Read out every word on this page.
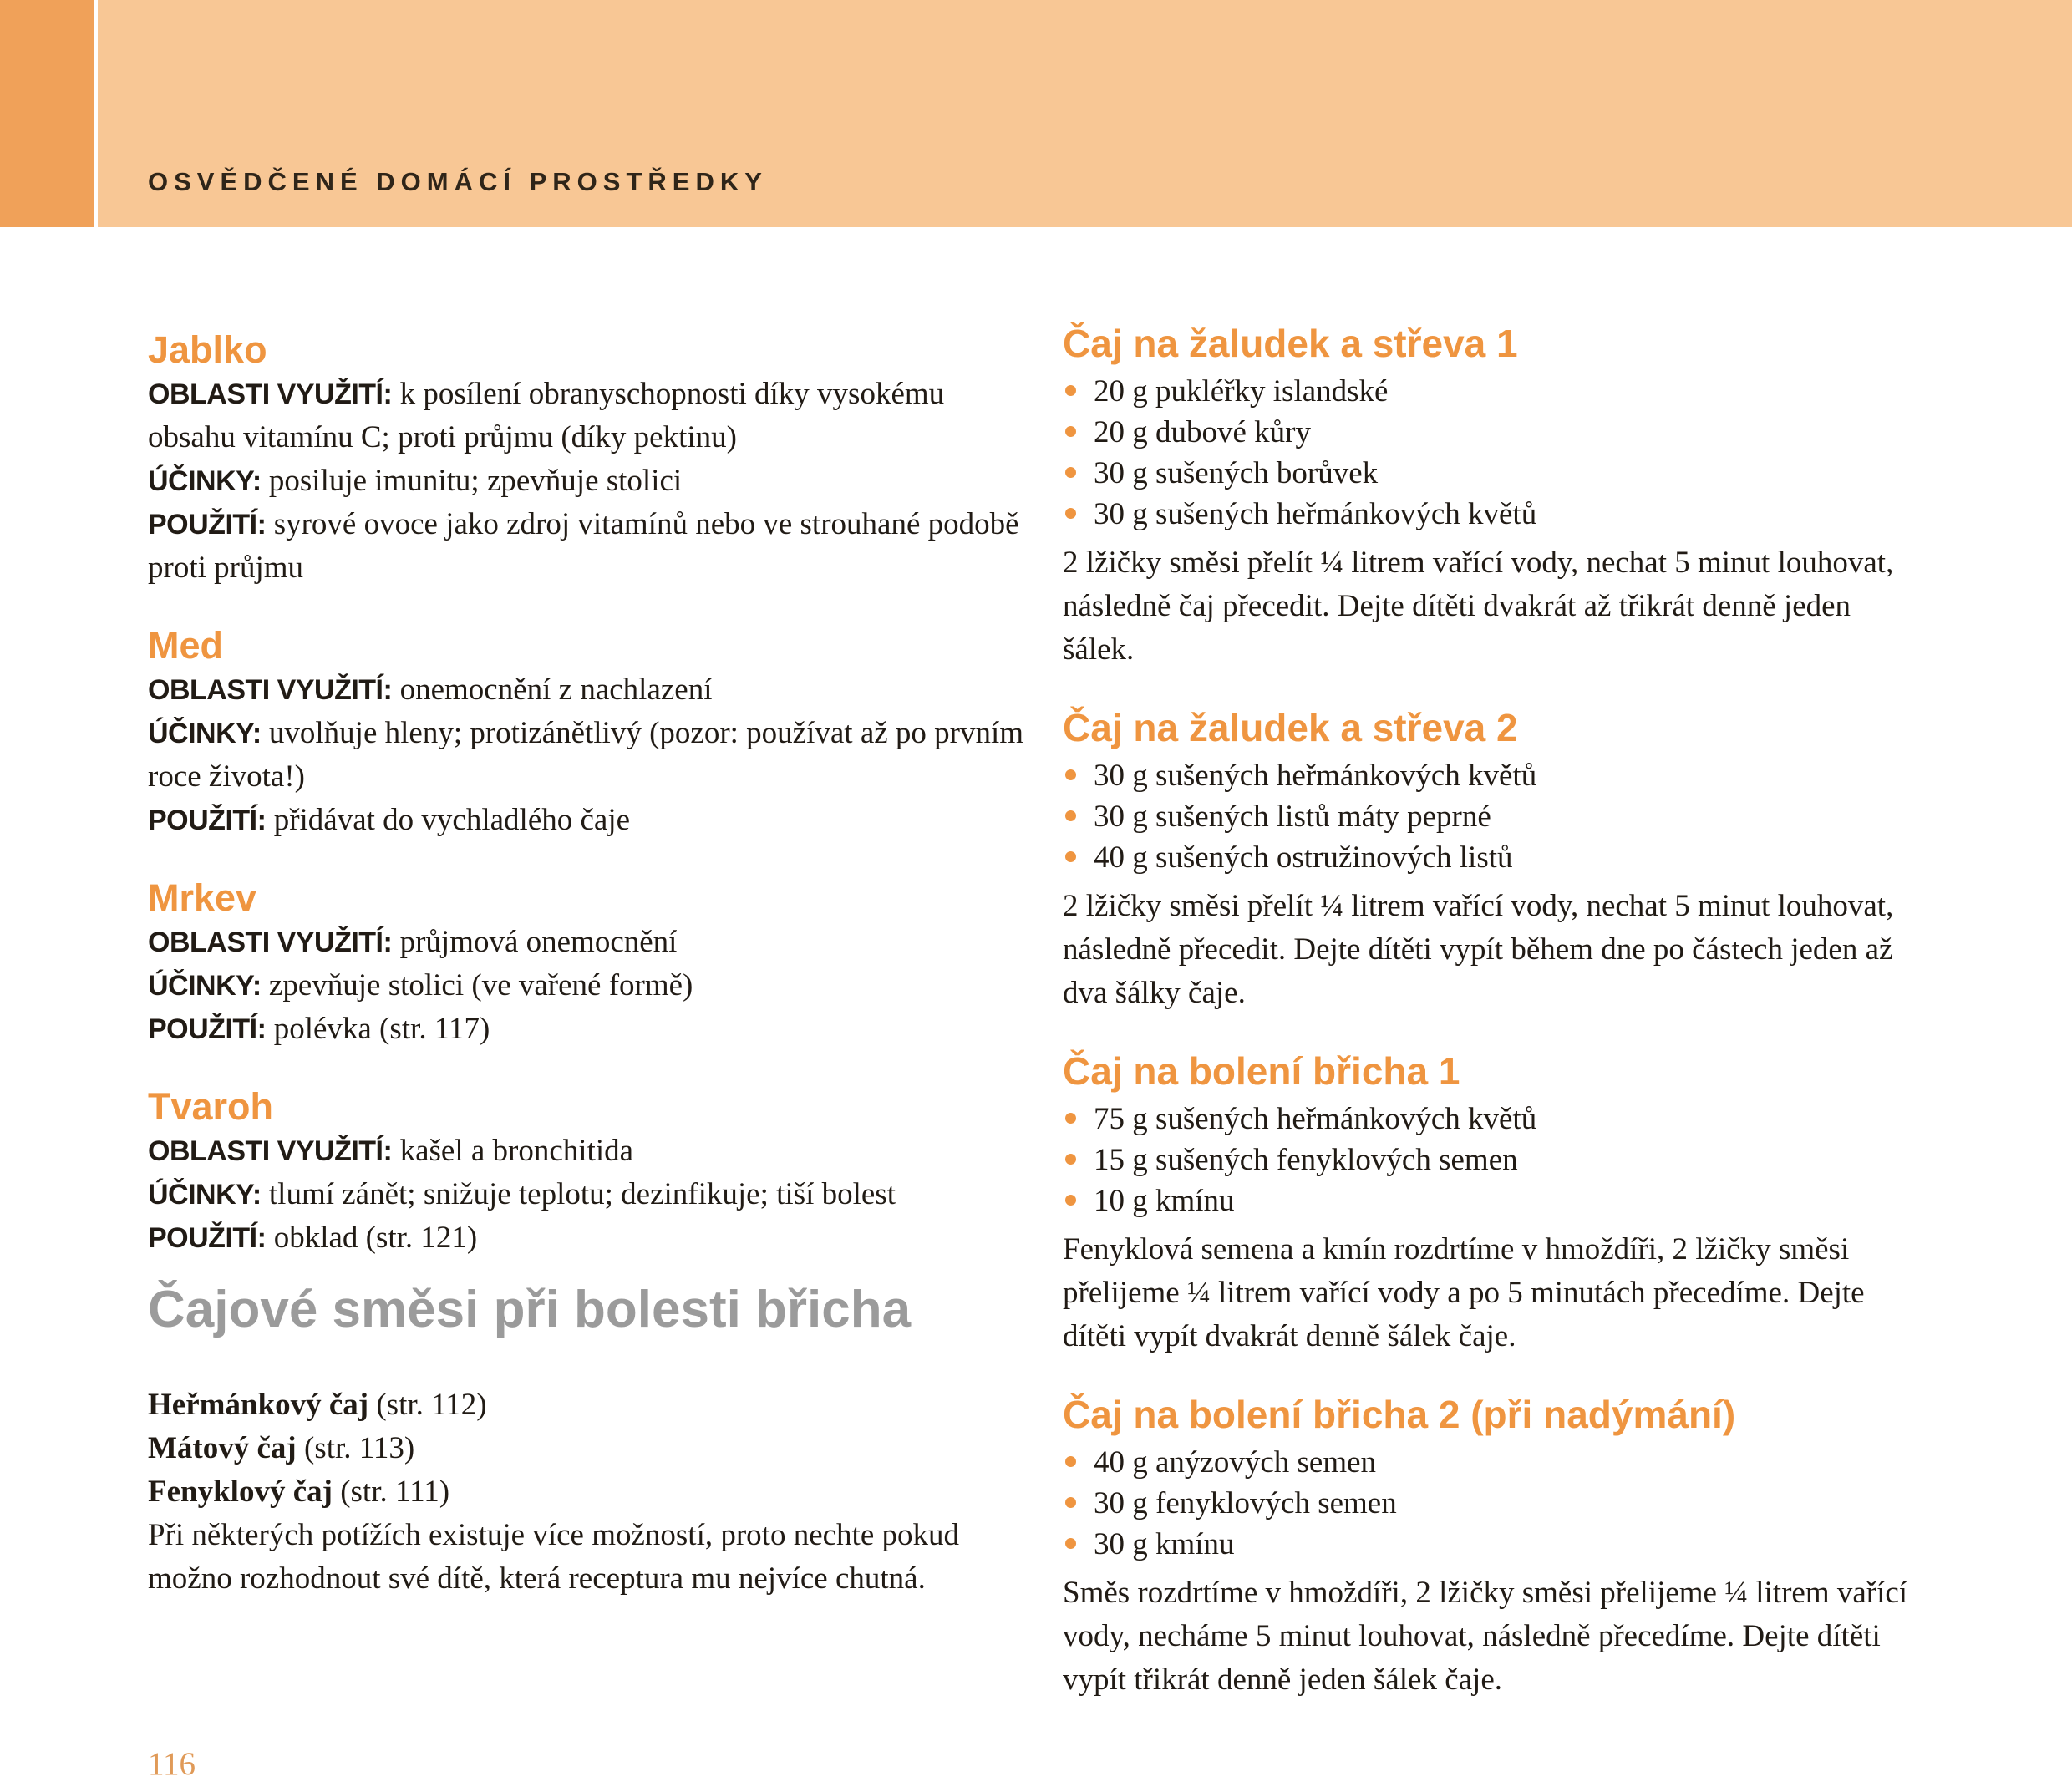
OSVĚDČENÉ DOMÁCÍ PROSTŘEDKY
Jablko

OBLASTI VYUŽITÍ: k posílení obranyschopnosti díky vysokému obsahu vitamínu C; proti průjmu (díky pektinu)

ÚČINKY: posiluje imunitu; zpevňuje stolici

POUŽITÍ: syrové ovoce jako zdroj vitamínů nebo ve strouhané podobě proti průjmu

Med

OBLASTI VYUŽITÍ: onemocnění z nachlazení

ÚČINKY: uvolňuje hleny; protizánětlivý (pozor: používat až po prvním roce života!)

POUŽITÍ: přidávat do vychladlého čaje

Mrkev

OBLASTI VYUŽITÍ: průjmová onemocnění

ÚČINKY: zpevňuje stolici (ve vařené formě)

POUŽITÍ: polévka (str. 117)

Tvaroh

OBLASTI VYUŽITÍ: kašel a bronchitida

ÚČINKY: tlumí zánět; snižuje teplotu; dezinfikuje; tiší bolest

POUŽITÍ: obklad (str. 121)

Čajové směsi při bolesti břicha
Heřmánkový čaj (str. 112)
Mátový čaj (str. 113)
Fenyklový čaj (str. 111)

Při některých potížích existuje více možností, proto nechte pokud možno rozhodnout své dítě, která receptura mu nejvíce chutná.

Čaj na žaludek a střeva 1
20 g pukléřky islandské
20 g dubové kůry
30 g sušených borůvek
30 g sušených heřmánkových květů

2 lžičky směsi přelít ¼ litrem vařící vody, nechat 5 minut louhovat, následně čaj přecedit. Dejte dítěti dvakrát až třikrát denně jeden šálek.

Čaj na žaludek a střeva 2
30 g sušených heřmánkových květů
30 g sušených listů máty peprné
40 g sušených ostružinových listů

2 lžičky směsi přelít ¼ litrem vařící vody, nechat 5 minut louhovat, následně přecedit. Dejte dítěti vypít během dne po částech jeden až dva šálky čaje.

Čaj na bolení břicha 1
75 g sušených heřmánkových květů
15 g sušených fenyklových semen
10 g kmínu

Fenyklová semena a kmín rozdrtíme v hmoždíři, 2 lžičky směsi přelijeme ¼ litrem vařící vody a po 5 minutách přecedíme. Dejte dítěti vypít dvakrát denně šálek čaje.

Čaj na bolení břicha 2 (při nadýmání)
40 g anýzových semen
30 g fenyklových semen
30 g kmínu

Směs rozdrtíme v hmoždíři, 2 lžičky směsi přelijeme ¼ litrem vařící vody, necháme 5 minut louhovat, následně přecedíme. Dejte dítěti vypít třikrát denně jeden šálek čaje.

116
